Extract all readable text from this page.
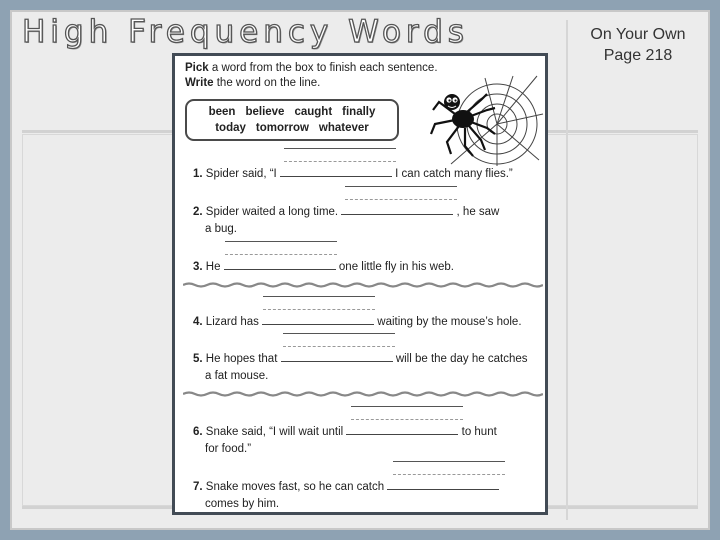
High Frequency Words	On Your Own
Page 218
Pick a word from the box to finish each sentence.
Write the word on the line.
been believe caught finally
today tomorrow whatever
1. Spider said, “I	I can catch many flies.”
2. Spider waited a long time.	, he saw
a bug.
3. He	one little fly in his web.
4. Lizard has	waiting by the mouse’s hole.
5. He hopes that	will be the day he catches
a fat mouse.
6. Snake said, “I will wait until	to hunt
for food.”
7. Snake moves fast, so he can catch
comes by him.
